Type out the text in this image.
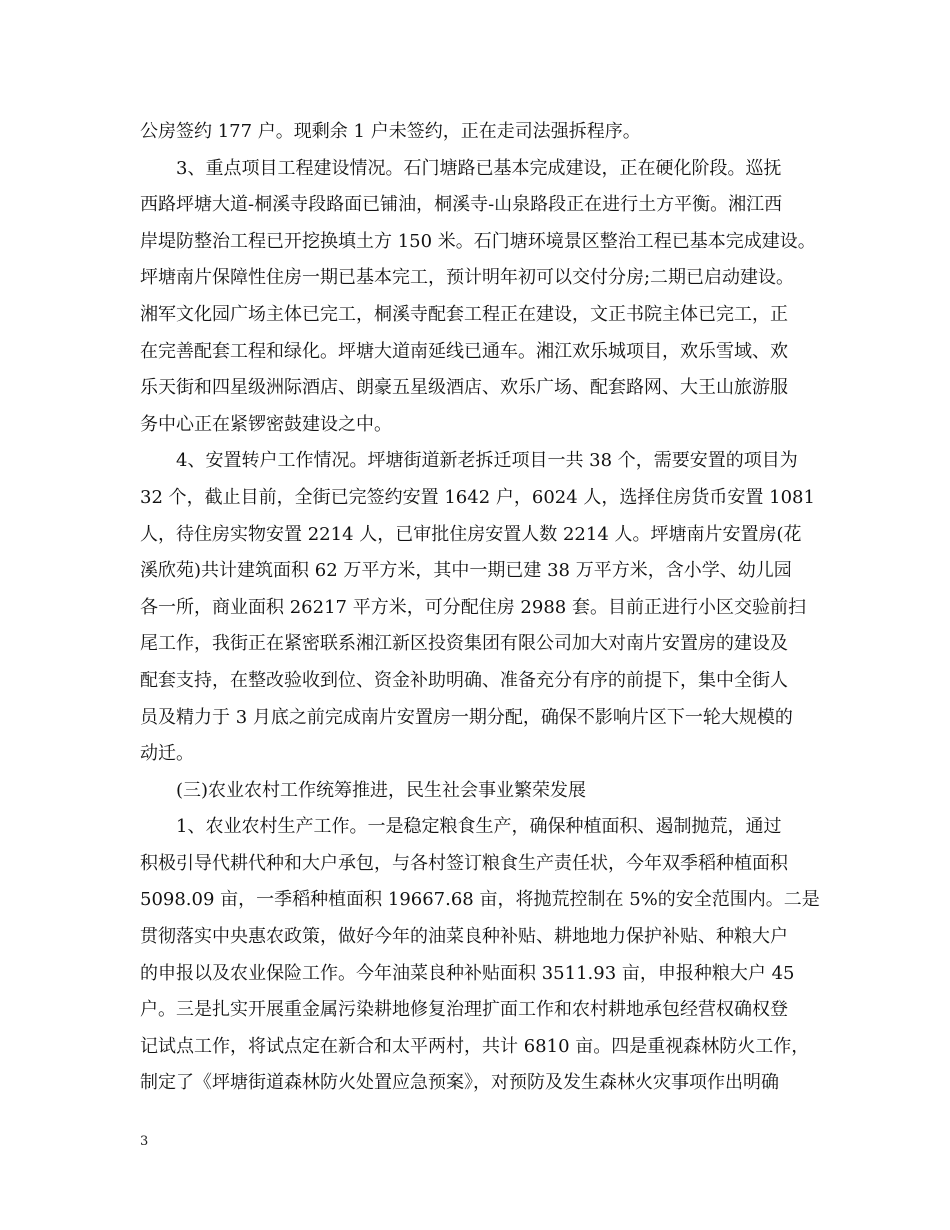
公房签约 177 户。现剩余 1 户未签约，正在走司法强拆程序。
3、重点项目工程建设情况。石门塘路已基本完成建设，正在硬化阶段。巡抚
西路坪塘大道-桐溪寺段路面已铺油，桐溪寺-山泉路段正在进行土方平衡。湘江西
岸堤防整治工程已开挖换填土方 150 米。石门塘环境景区整治工程已基本完成建设。
坪塘南片保障性住房一期已基本完工，预计明年初可以交付分房;二期已启动建设。
湘军文化园广场主体已完工，桐溪寺配套工程正在建设，文正书院主体已完工，正
在完善配套工程和绿化。坪塘大道南延线已通车。湘江欢乐城项目，欢乐雪域、欢
乐天街和四星级洲际酒店、朗豪五星级酒店、欢乐广场、配套路网、大王山旅游服
务中心正在紧锣密鼓建设之中。
4、安置转户工作情况。坪塘街道新老拆迁项目一共 38 个，需要安置的项目为
32 个，截止目前，全街已完签约安置 1642 户，6024 人，选择住房货币安置 1081
人，待住房实物安置 2214 人，已审批住房安置人数 2214 人。坪塘南片安置房(花
溪欣苑)共计建筑面积 62 万平方米，其中一期已建 38 万平方米，含小学、幼儿园
各一所，商业面积 26217 平方米，可分配住房 2988 套。目前正进行小区交验前扫
尾工作，我街正在紧密联系湘江新区投资集团有限公司加大对南片安置房的建设及
配套支持，在整改验收到位、资金补助明确、准备充分有序的前提下，集中全街人
员及精力于 3 月底之前完成南片安置房一期分配，确保不影响片区下一轮大规模的
动迁。
(三)农业农村工作统筹推进，民生社会事业繁荣发展
1、农业农村生产工作。一是稳定粮食生产，确保种植面积、遏制抛荒，通过
积极引导代耕代种和大户承包，与各村签订粮食生产责任状，今年双季稻种植面积
5098.09 亩，一季稻种植面积 19667.68 亩，将抛荒控制在 5%的安全范围内。二是
贯彻落实中央惠农政策，做好今年的油菜良种补贴、耕地地力保护补贴、种粮大户
的申报以及农业保险工作。今年油菜良种补贴面积 3511.93 亩，申报种粮大户 45
户。三是扎实开展重金属污染耕地修复治理扩面工作和农村耕地承包经营权确权登
记试点工作，将试点定在新合和太平两村，共计 6810 亩。四是重视森林防火工作，
制定了《坪塘街道森林防火处置应急预案》，对预防及发生森林火灾事项作出明确
3
